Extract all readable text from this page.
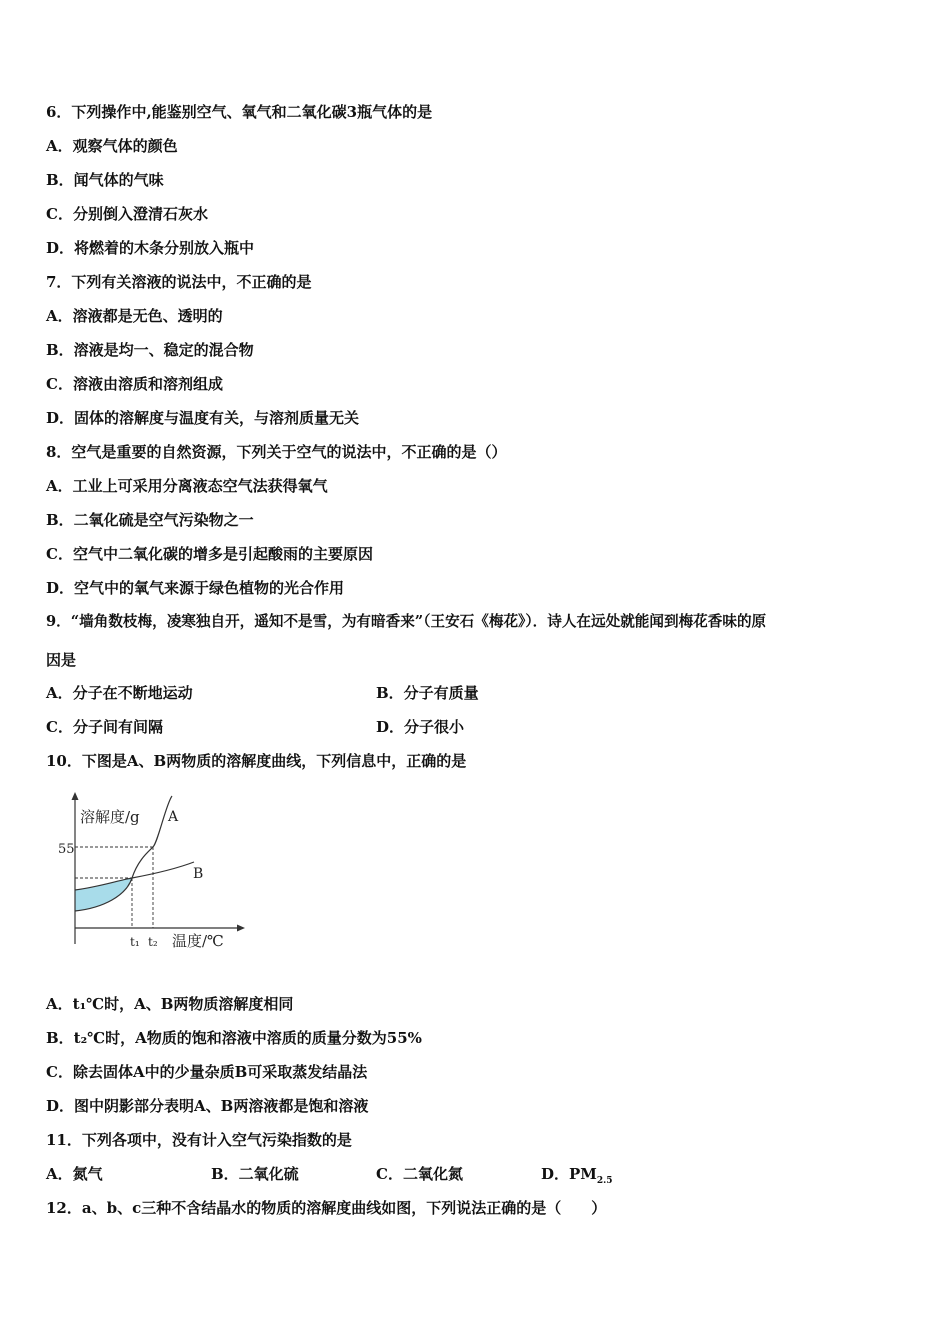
6．下列操作中,能鉴别空气、氧气和二氧化碳3瓶气体的是
A．观察气体的颜色
B．闻气体的气味
C．分别倒入澄清石灰水
D．将燃着的木条分别放入瓶中
7．下列有关溶液的说法中，不正确的是
A．溶液都是无色、透明的
B．溶液是均一、稳定的混合物
C．溶液由溶质和溶剂组成
D．固体的溶解度与温度有关，与溶剂质量无关
8．空气是重要的自然资源，下列关于空气的说法中，不正确的是（）
A．工业上可采用分离液态空气法获得氧气
B．二氧化硫是空气污染物之一
C．空气中二氧化碳的增多是引起酸雨的主要原因
D．空气中的氧气来源于绿色植物的光合作用
9．“墙角数枝梅，凌寒独自开，遥知不是雪，为有暗香来”（王安石《梅花》）．诗人在远处就能闻到梅花香味的原
因是
A．分子在不断地运动	B．分子有质量
C．分子间有间隔	D．分子很小
10．下图是A、B两物质的溶解度曲线，下列信息中，正确的是
溶解度/g
55
t₁ t₂ 温度/℃
A
B
A．t₁℃时，A、B两物质溶解度相同
B．t₂℃时，A物质的饱和溶液中溶质的质量分数为55%
C．除去固体A中的少量杂质B可采取蒸发结晶法
D．图中阴影部分表明A、B两溶液都是饱和溶液
11．下列各项中，没有计入空气污染指数的是
A．氮气	B．二氧化硫	C．二氧化氮	D．$PM_{2.5}$
12．a、b、c三种不含结晶水的物质的溶解度曲线如图，下列说法正确的是（　　）
